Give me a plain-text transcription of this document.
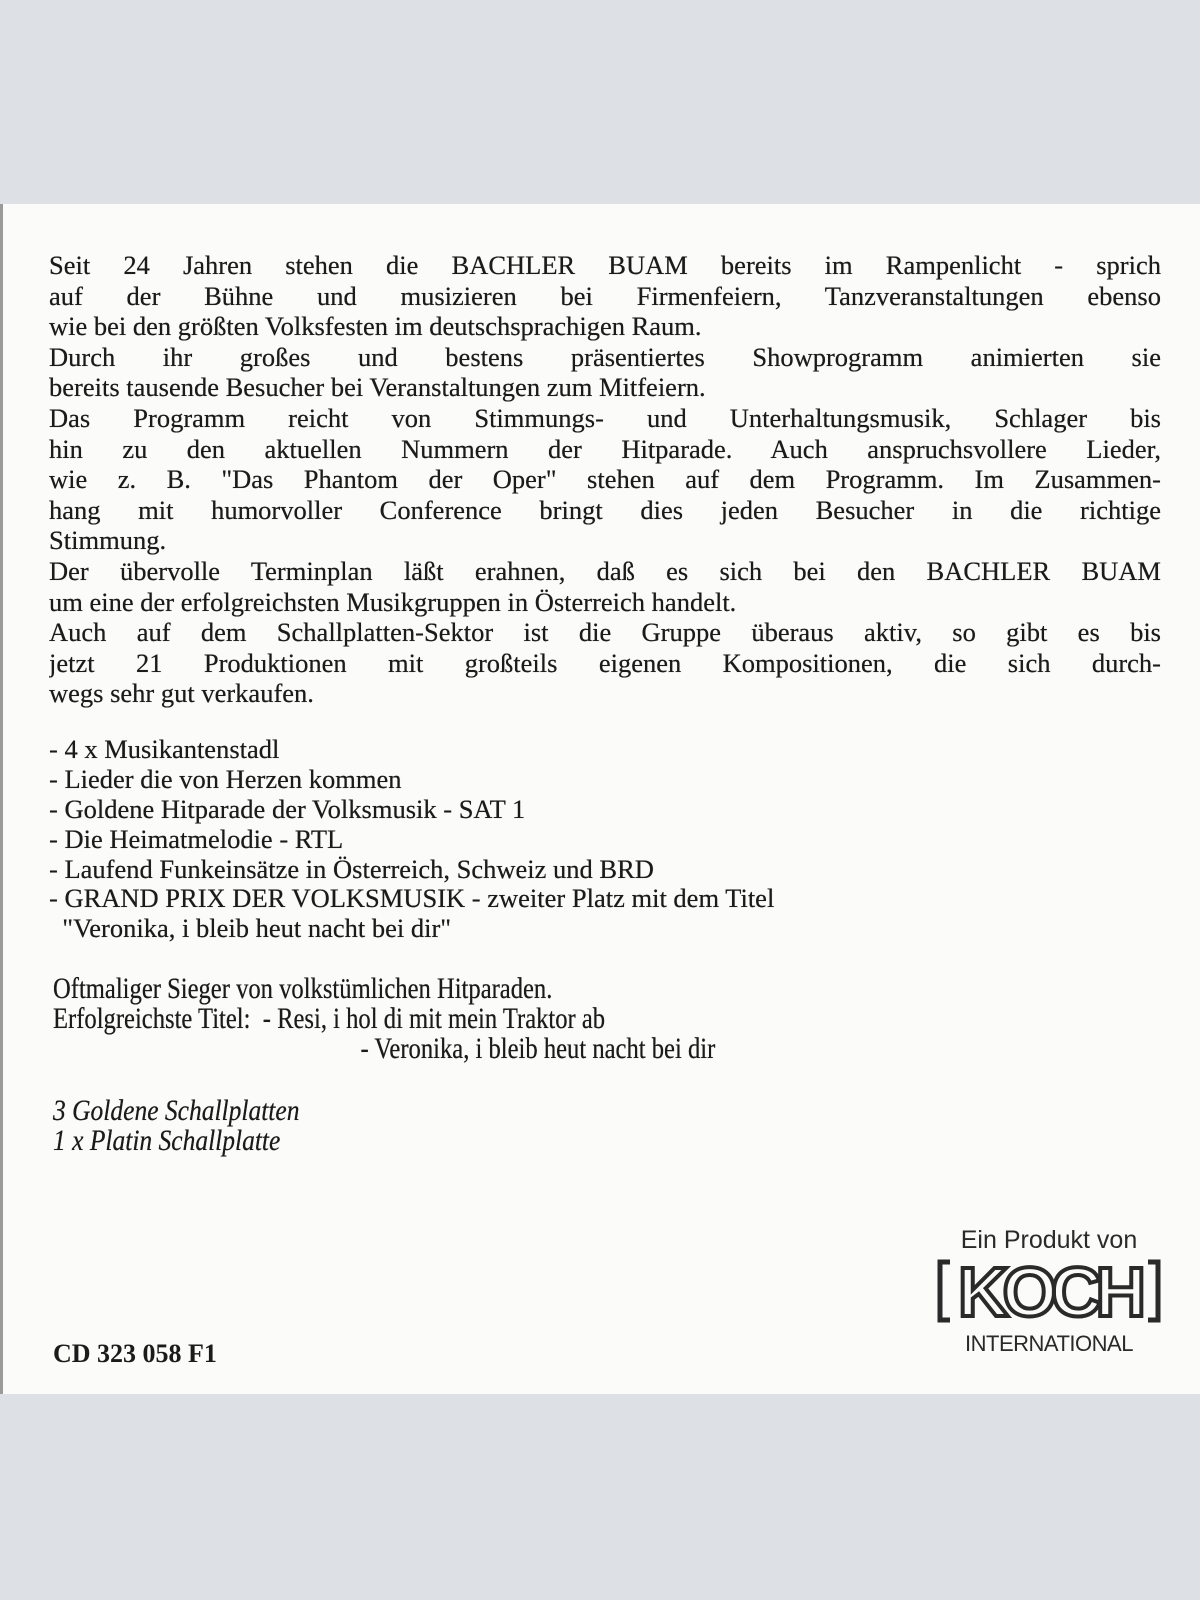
Seit 24 Jahren stehen die BACHLER BUAM bereits im Rampenlicht - sprich
auf der Bühne und musizieren bei Firmenfeiern, Tanzveranstaltungen ebenso
wie bei den größten Volksfesten im deutschsprachigen Raum.
Durch ihr großes und bestens präsentiertes Showprogramm animierten sie
bereits tausende Besucher bei Veranstaltungen zum Mitfeiern.
Das Programm reicht von Stimmungs- und Unterhaltungsmusik, Schlager bis
hin zu den aktuellen Nummern der Hitparade. Auch anspruchsvollere Lieder,
wie z. B. "Das Phantom der Oper" stehen auf dem Programm. Im Zusammen-
hang mit humorvoller Conference bringt dies jeden Besucher in die richtige
Stimmung.
Der übervolle Terminplan läßt erahnen, daß es sich bei den BACHLER BUAM
um eine der erfolgreichsten Musikgruppen in Österreich handelt.
Auch auf dem Schallplatten-Sektor ist die Gruppe überaus aktiv, so gibt es bis
jetzt 21 Produktionen mit großteils eigenen Kompositionen, die sich durch-
wegs sehr gut verkaufen.
- 4 x Musikantenstadl
- Lieder die von Herzen kommen
- Goldene Hitparade der Volksmusik - SAT 1
- Die Heimatmelodie - RTL
- Laufend Funkeinsätze in Österreich, Schweiz und BRD
- GRAND PRIX DER VOLKSMUSIK - zweiter Platz mit dem Titel
"Veronika, i bleib heut nacht bei dir"
Oftmaliger Sieger von volkstümlichen Hitparaden.
Erfolgreichste Titel:  - Resi, i hol di mit mein Traktor ab
- Veronika, i bleib heut nacht bei dir
3 Goldene Schallplatten
1 x Platin Schallplatte
CD 323 058 F1
Ein Produkt von
KOCH
INTERNATIONAL
